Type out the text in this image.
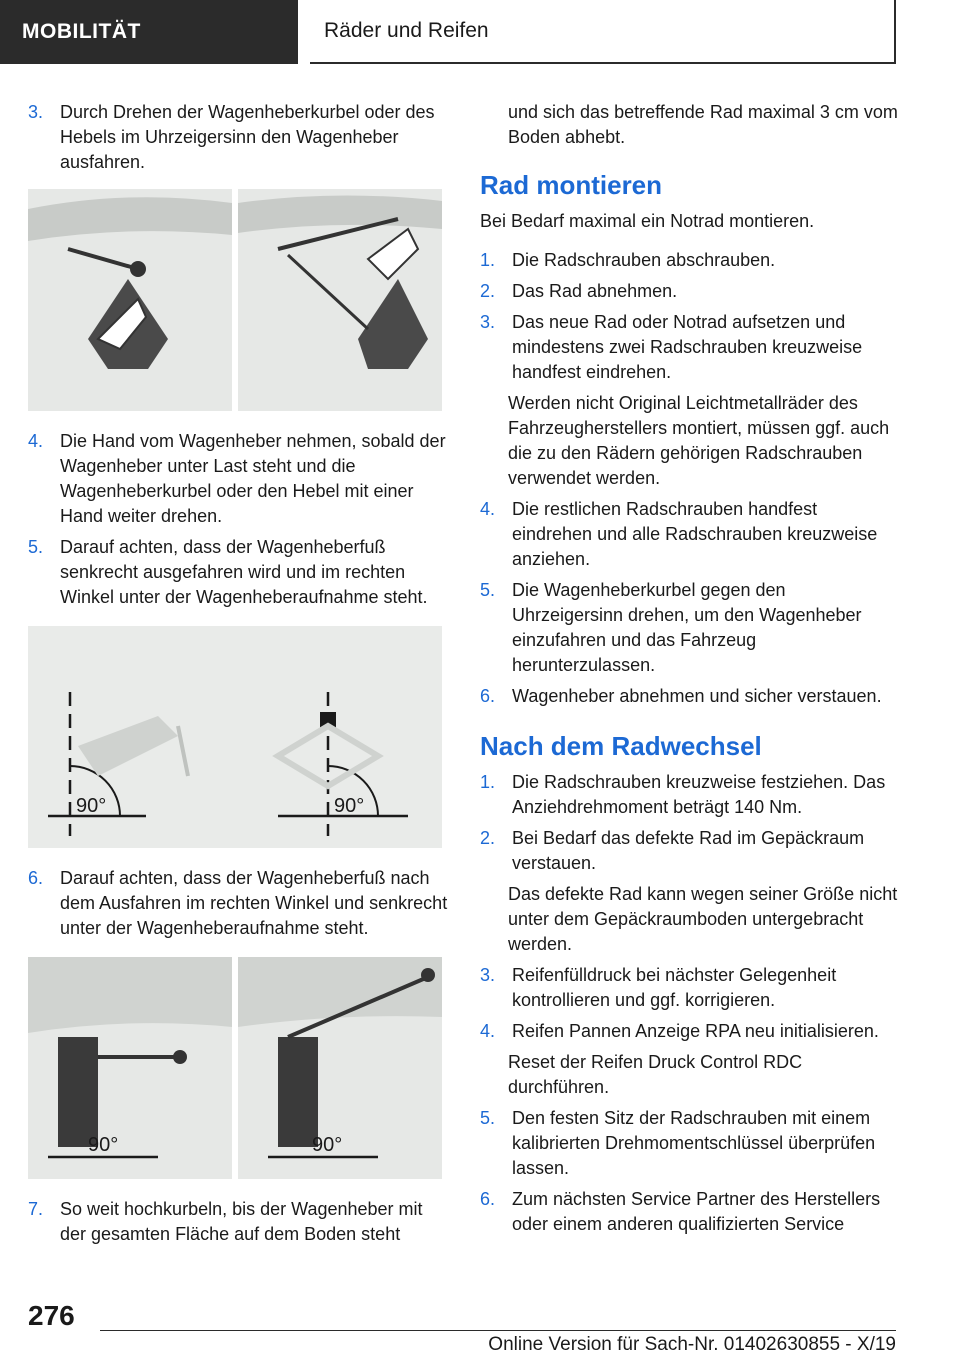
MOBILITÄT	Räder und Reifen
3. Durch Drehen der Wagenheberkurbel oder des Hebels im Uhrzeigersinn den Wagenheber ausfahren.
4. Die Hand vom Wagenheber nehmen, sobald der Wagenheber unter Last steht und die Wagenheberkurbel oder den Hebel mit einer Hand weiter drehen.
5. Darauf achten, dass der Wagenheberfuß senkrecht ausgefahren wird und im rechten Winkel unter der Wagenheberaufnahme steht.
90°	90°
6. Darauf achten, dass der Wagenheberfuß nach dem Ausfahren im rechten Winkel und senkrecht unter der Wagenheberaufnahme steht.
90°	90°
7. So weit hochkurbeln, bis der Wagenheber mit der gesamten Fläche auf dem Boden steht
und sich das betreffende Rad maximal 3 cm vom Boden abhebt.
Rad montieren
Bei Bedarf maximal ein Notrad montieren.
1. Die Radschrauben abschrauben.
2. Das Rad abnehmen.
3. Das neue Rad oder Notrad aufsetzen und mindestens zwei Radschrauben kreuzweise handfest eindrehen.
Werden nicht Original Leichtmetallräder des Fahrzeugherstellers montiert, müssen ggf. auch die zu den Rädern gehörigen Radschrauben verwendet werden.
4. Die restlichen Radschrauben handfest eindrehen und alle Radschrauben kreuzweise anziehen.
5. Die Wagenheberkurbel gegen den Uhrzeigersinn drehen, um den Wagenheber einzufahren und das Fahrzeug herunterzulassen.
6. Wagenheber abnehmen und sicher verstauen.
Nach dem Radwechsel
1. Die Radschrauben kreuzweise festziehen. Das Anziehdrehmoment beträgt 140 Nm.
2. Bei Bedarf das defekte Rad im Gepäckraum verstauen.
Das defekte Rad kann wegen seiner Größe nicht unter dem Gepäckraumboden untergebracht werden.
3. Reifenfülldruck bei nächster Gelegenheit kontrollieren und ggf. korrigieren.
4. Reifen Pannen Anzeige RPA neu initialisieren.
Reset der Reifen Druck Control RDC durchführen.
5. Den festen Sitz der Radschrauben mit einem kalibrierten Drehmomentschlüssel überprüfen lassen.
6. Zum nächsten Service Partner des Herstellers oder einem anderen qualifizierten Service
276
Online Version für Sach-Nr. 01402630855 - X/19
